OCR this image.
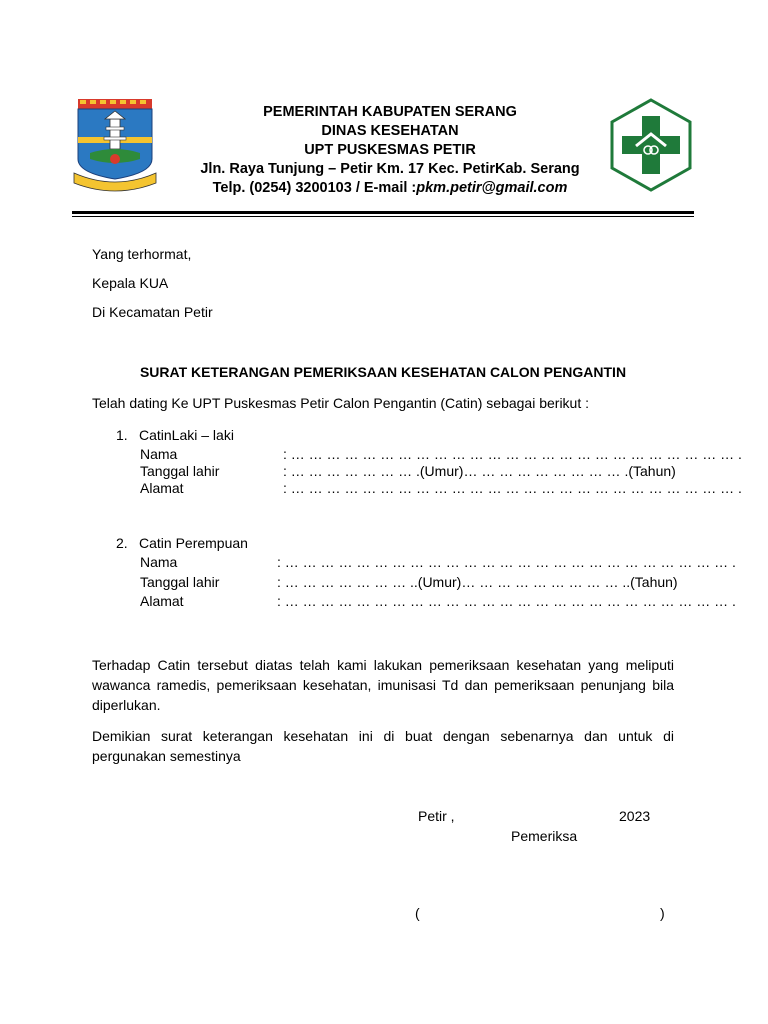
PEMERINTAH KABUPATEN SERANG
DINAS KESEHATAN
UPT PUSKESMAS PETIR
Jln. Raya Tunjung – Petir Km. 17 Kec. PetirKab. Serang
Telp. (0254) 3200103 / E-mail :pkm.petir@gmail.com
Yang terhormat,
Kepala KUA
Di Kecamatan Petir
SURAT KETERANGAN PEMERIKSAAN KESEHATAN CALON PENGANTIN
Telah dating Ke UPT Puskesmas Petir Calon Pengantin (Catin) sebagai berikut :
1. CatinLaki – laki
Nama	: … … … … … … … … … … … … … … … … … … … … … … … … … .
Tanggal lahir	: … … … … … … … .(Umur)… … … … … … … … … .(Tahun)
Alamat	: … … … … … … … … … … … … … … … … … … … … … … … … … .
2. Catin Perempuan
Nama	: … … … … … … … … … … … … … … … … … … … … … … … … … .
Tanggal lahir	: … … … … … … … ..(Umur)… … … … … … … … … ..(Tahun)
Alamat	: … … … … … … … … … … … … … … … … … … … … … … … … … .
Terhadap Catin tersebut diatas telah kami lakukan pemeriksaan kesehatan yang meliputi wawanca ramedis, pemeriksaan kesehatan, imunisasi Td dan pemeriksaan penunjang bila diperlukan.
Demikian surat keterangan kesehatan ini di buat dengan sebenarnya dan untuk di pergunakan semestinya
Petir ,	2023
Pemeriksa
(	)
